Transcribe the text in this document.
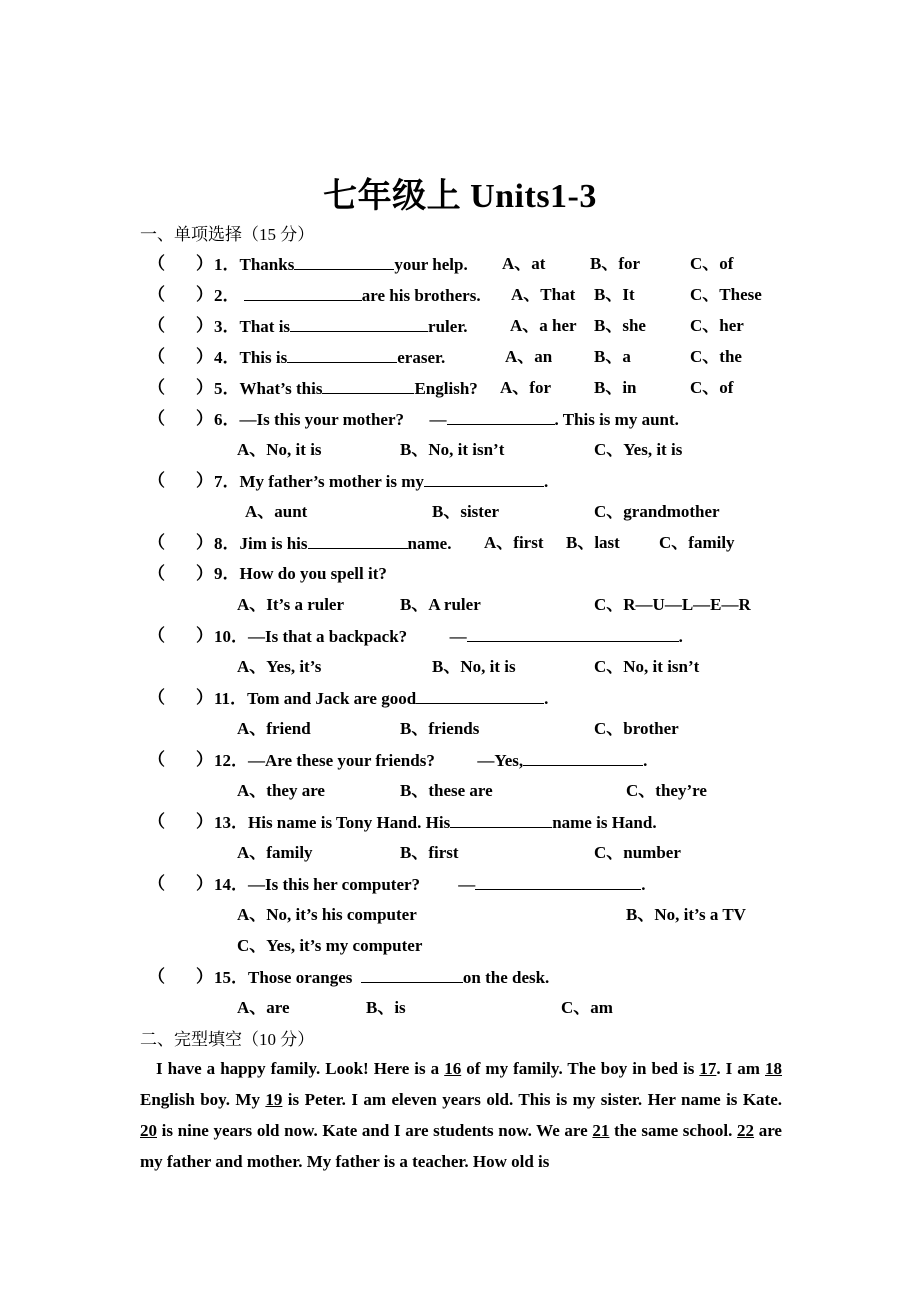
七年级上 Units1-3
一、单项选择（15 分）
（ ） 1．Thanks	your help. A、at	B、for	C、of
（ ） 2．	are his brothers. A、That B、It	C、These
（ ） 3．That is	ruler. A、a her B、she	C、her
（ ） 4．This is	eraser.	A、an B、a	C、the
（ ） 5．What’s this	English? A、for	B、in	C、of
（ ） 6．—Is this your mother? —	. This is my aunt.
A、No, it is	B、No, it isn’t	C、Yes, it is
（ ） 7．My father’s mother is my	.
A、aunt	B、sister	C、grandmother
（ ） 8．Jim is his	name. A、first B、last C、family
（ ） 9．How do you spell it?
A、It’s a ruler	B、A ruler	C、R—U—L—E—R
（ ） 10．—Is that a backpack?	—	.
A、Yes, it’s	B、No, it is	C、No, it isn’t
（ ） 11．Tom and Jack are good	.
A、friend	B、friends	C、brother
（ ） 12．—Are these your friends?	—Yes,	.
A、they are	B、these are	C、they’re
（ ） 13．His name is Tony Hand. His	name is Hand.
A、family	B、first	C、number
（ ） 14．—Is this her computer? —	.
A、No, it’s his computer	B、No, it’s a TV
C、Yes, it’s my computer
（ ） 15．Those oranges	on the desk.
A、are	B、is	C、am
二、完型填空（10 分）
I have a happy family. Look! Here is a 16 of my family. The boy in bed is 17. I am 18 English boy. My 19 is Peter. I am eleven years old. This is my sister. Her name is Kate. 20 is nine years old now. Kate and I are students now. We are 21 the same school. 22 are my father and mother. My father is a teacher. How old is
